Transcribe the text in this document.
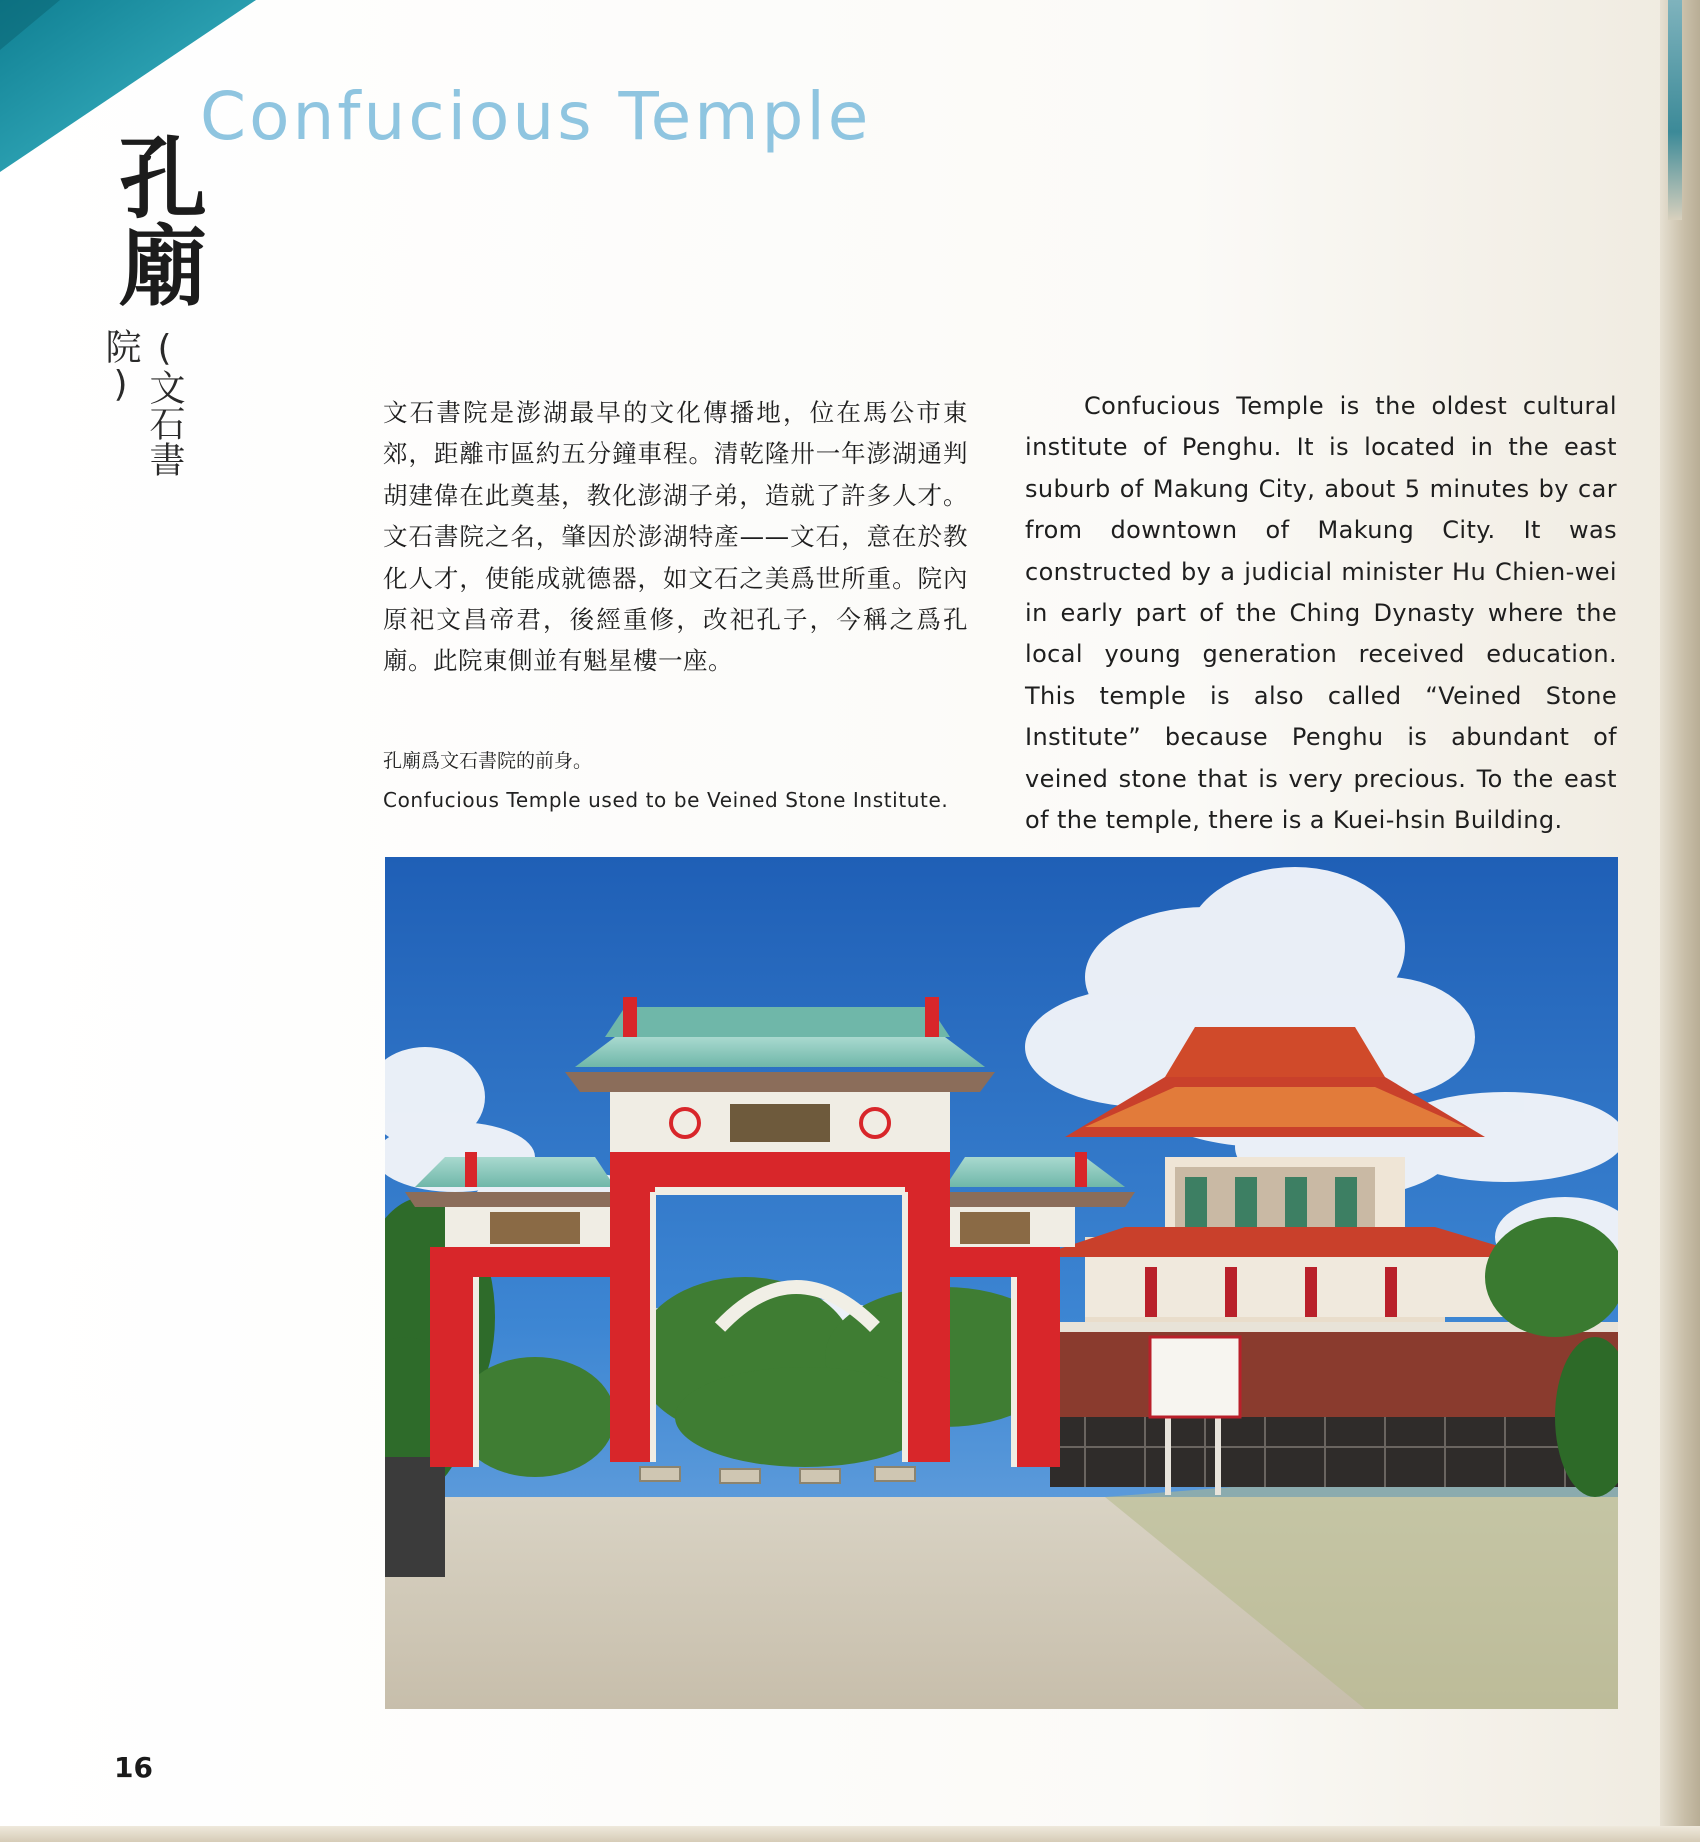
Confucious Temple
孔廟
(文石書院)
文石書院是澎湖最早的文化傳播地，位在馬公市東郊，距離市區約五分鐘車程。清乾隆卅一年澎湖通判胡建偉在此奠基，教化澎湖子弟，造就了許多人才。文石書院之名，肇因於澎湖特產——文石，意在於教化人才，使能成就德器，如文石之美爲世所重。院內原祀文昌帝君，後經重修，改祀孔子，今稱之爲孔廟。此院東側並有魁星樓一座。
孔廟爲文石書院的前身。
Confucious Temple used to be Veined Stone Institute.

Confucious Temple is the oldest cultural institute of Penghu. It is located in the east suburb of Makung City, about 5 minutes by car from downtown of Makung City. It was constructed by a judicial minister Hu Chien-wei in early part of the Ching Dynasty where the local young generation received education. This temple is also called “Veined Stone Institute” because Penghu is abundant of veined stone that is very precious. To the east of the temple, there is a Kuei-hsin Building.

16
